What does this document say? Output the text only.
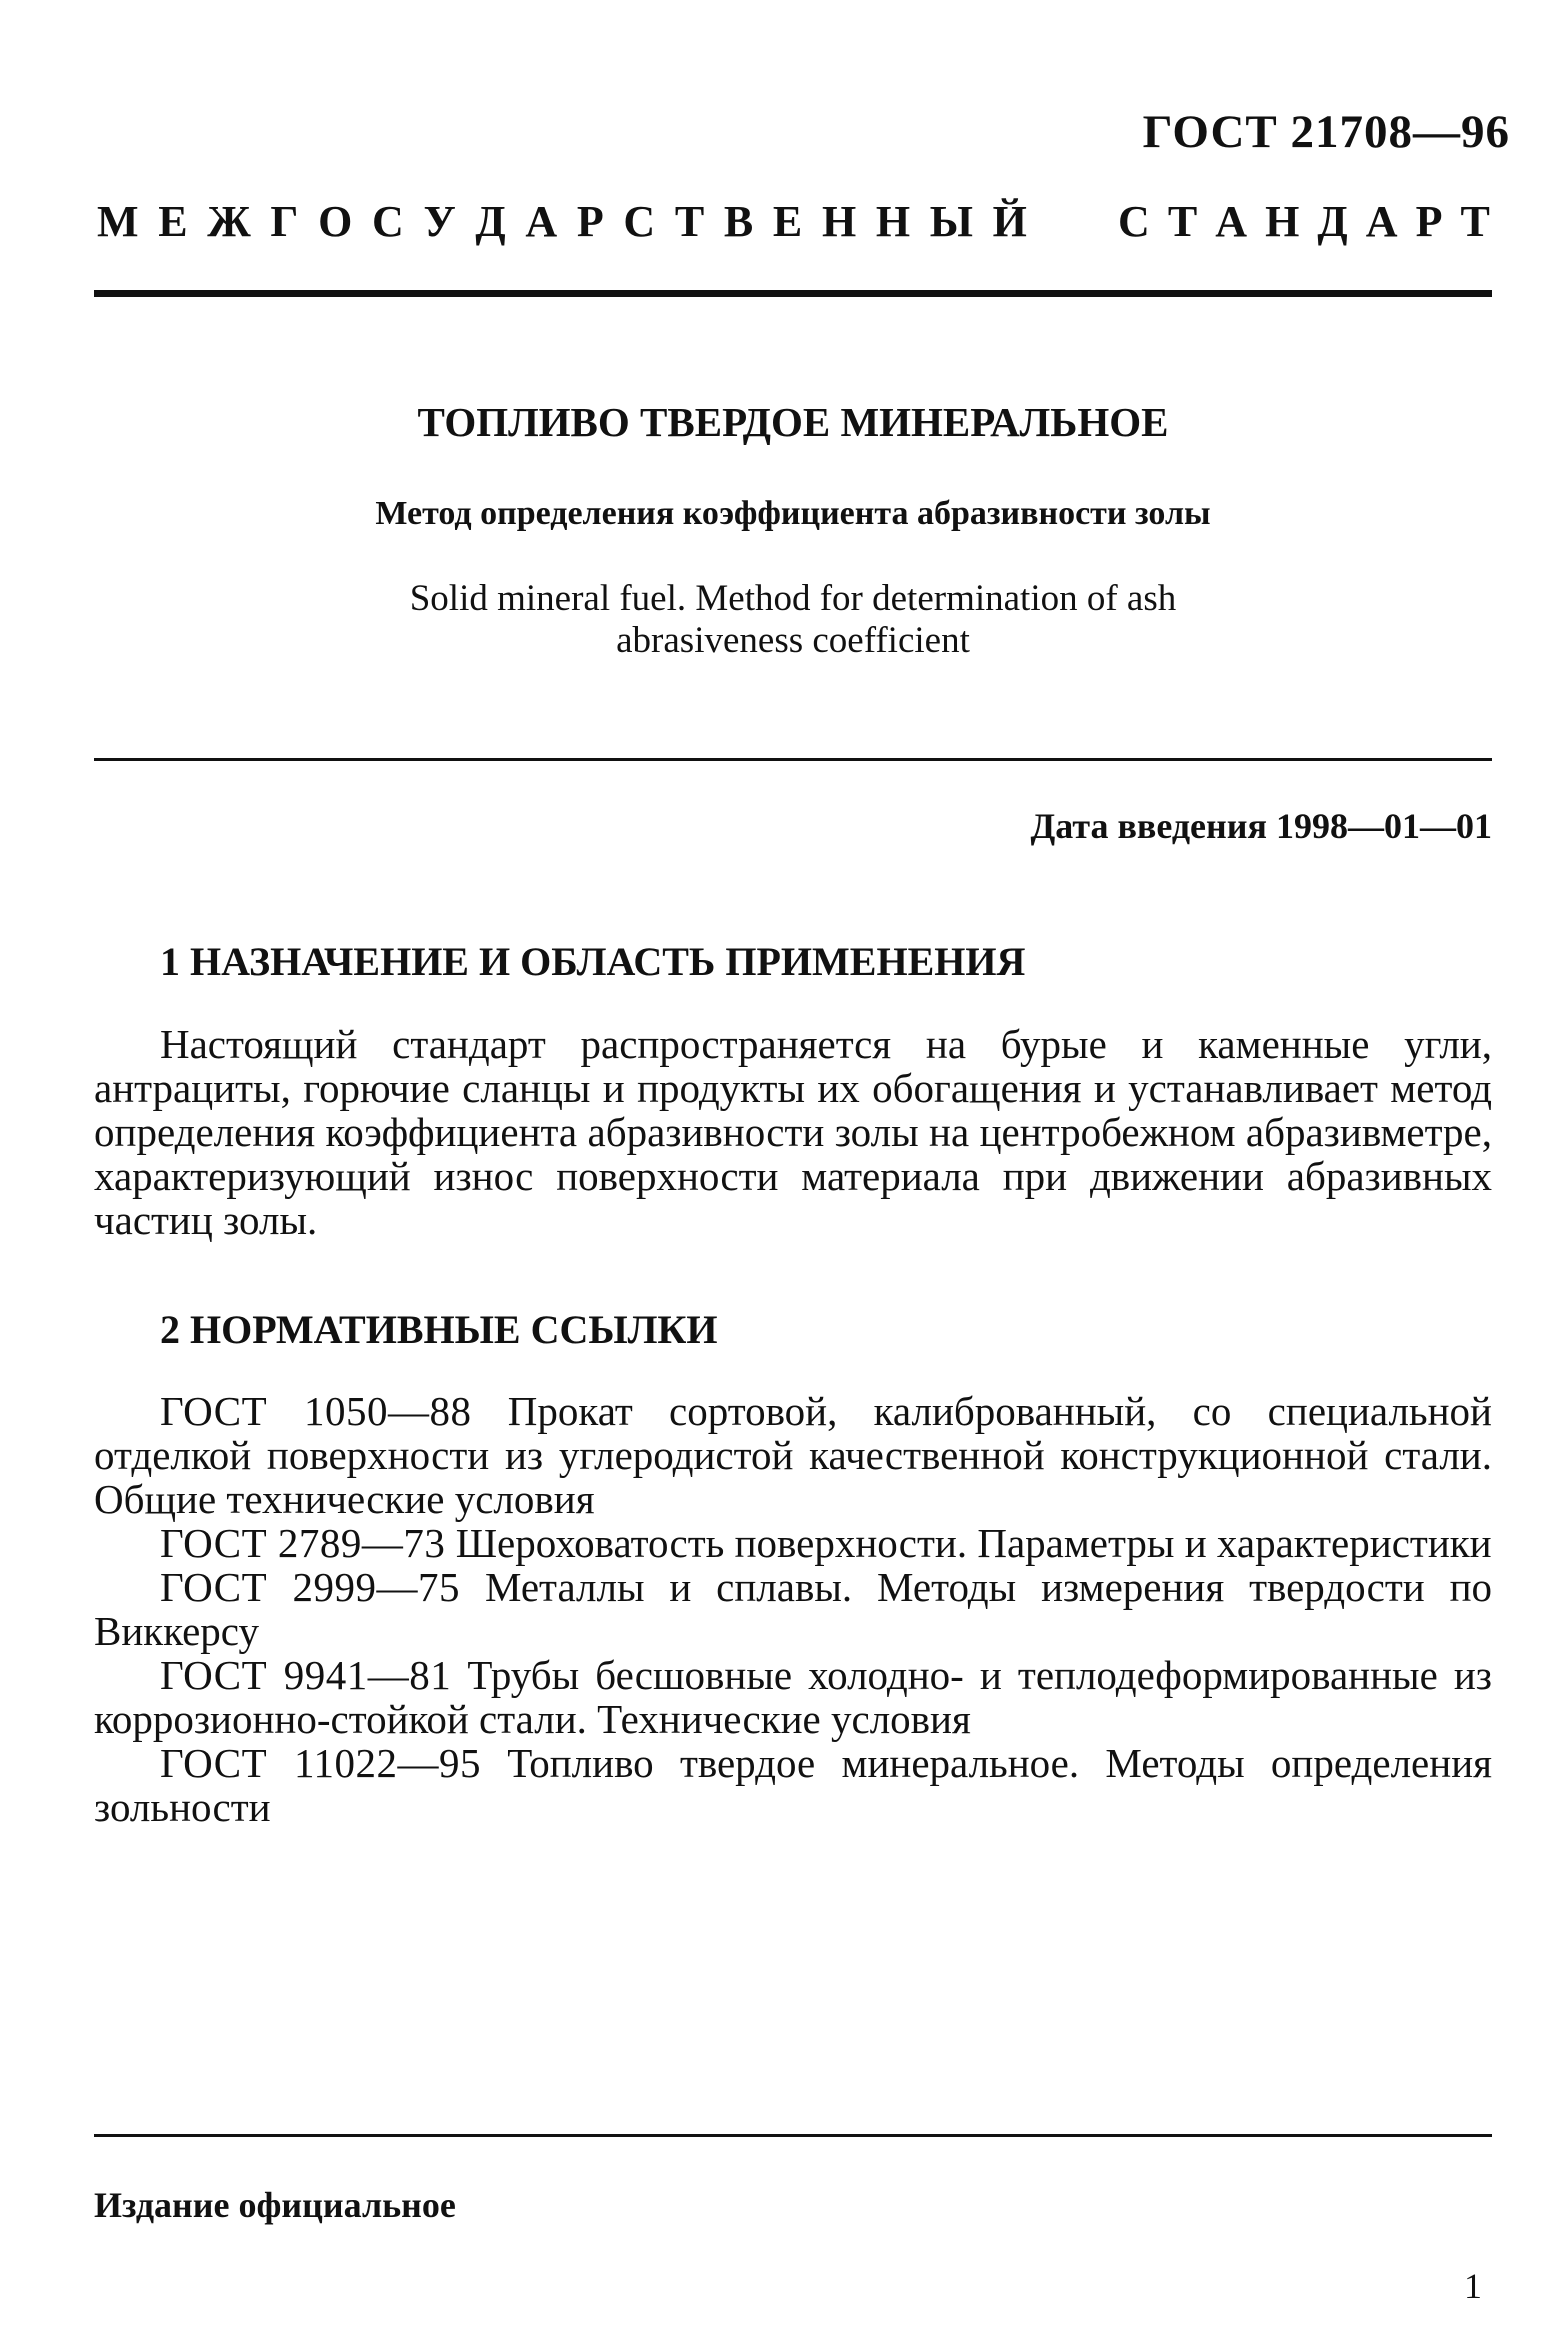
ГОСТ 21708—96
М Е Ж Г О С У Д А Р С Т В Е Н Н Ы Й С Т А Н Д А Р Т
ТОПЛИВО ТВЕРДОЕ МИНЕРАЛЬНОЕ
Метод определения коэффициента абразивности золы
Solid mineral fuel. Method for determination of ash
abrasiveness coefficient
Дата введения 1998—01—01
1 НАЗНАЧЕНИЕ И ОБЛАСТЬ ПРИМЕНЕНИЯ
Настоящий стандарт распространяется на бурые и каменные угли, антрациты, горючие сланцы и продукты их обогащения и устанавливает метод определения коэффициента абразивности золы на центробежном абразивметре, характеризующий износ поверхности материала при движении абразивных частиц золы.
2 НОРМАТИВНЫЕ ССЫЛКИ

ГОСТ 1050—88 Прокат сортовой, калиброванный, со специальной отделкой поверхности из углеродистой качественной конструкционной стали. Общие технические условия

ГОСТ 2789—73 Шероховатость поверхности. Параметры и характеристики

ГОСТ 2999—75 Металлы и сплавы. Методы измерения твердости по Виккерсу

ГОСТ 9941—81 Трубы бесшовные холодно- и теплодеформированные из коррозионно-стойкой стали. Технические условия

ГОСТ 11022—95 Топливо твердое минеральное. Методы определения зольности

Издание официальное
1
